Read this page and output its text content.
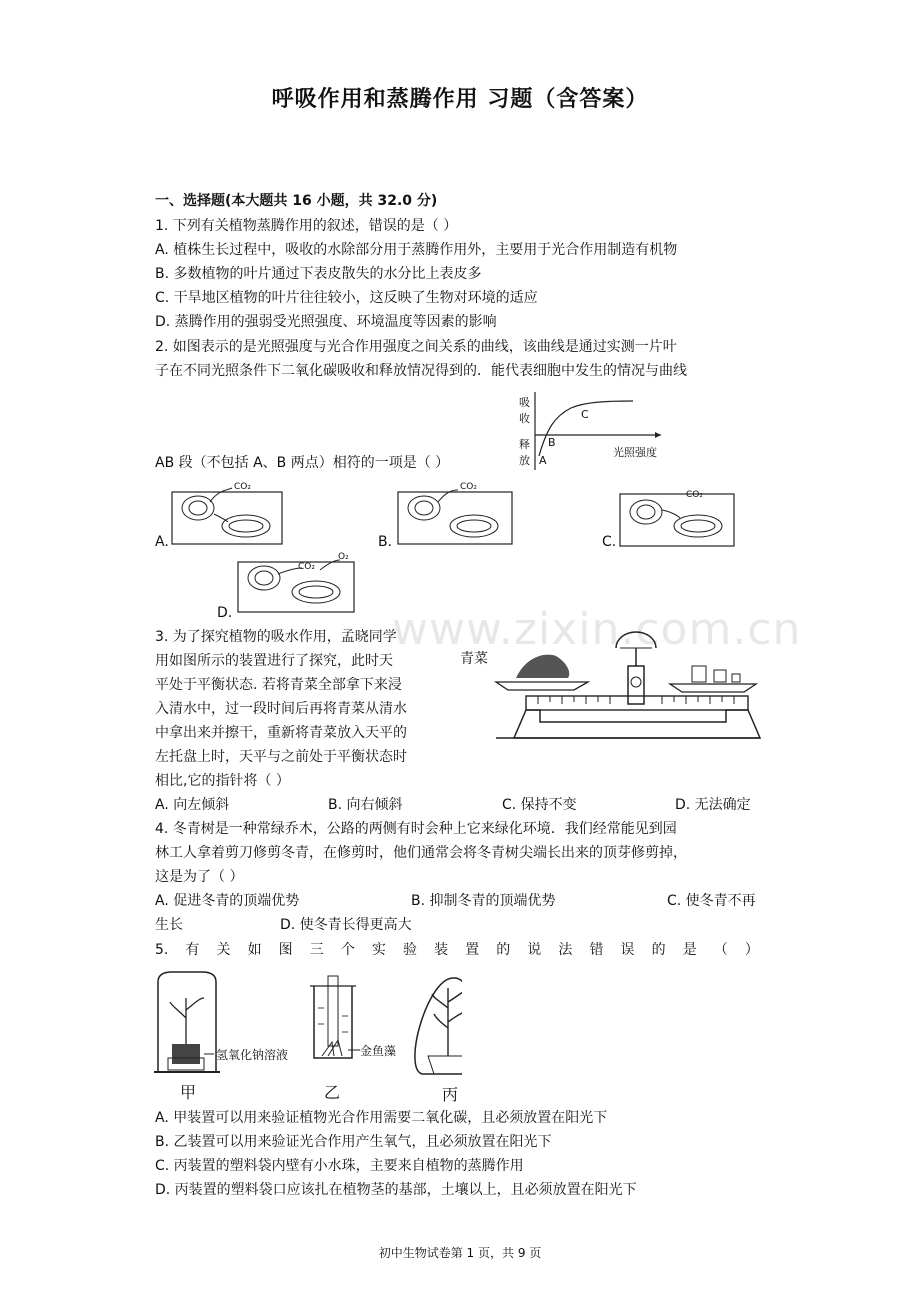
呼吸作用和蒸腾作用 习题（含答案）
一、选择题(本大题共 16 小题，共 32.0 分)
1. 下列有关植物蒸腾作用的叙述，错误的是（ ）
A. 植株生长过程中，吸收的水除部分用于蒸腾作用外，主要用于光合作用制造有机物
B. 多数植物的叶片通过下表皮散失的水分比上表皮多
C. 干旱地区植物的叶片往往较小，这反映了生物对环境的适应
D. 蒸腾作用的强弱受光照强度、环境温度等因素的影响
2. 如图表示的是光照强度与光合作用强度之间关系的曲线，该曲线是通过实测一片叶
子在不同光照条件下二氧化碳吸收和释放情况得到的．能代表细胞中发生的情况与曲线
吸
收
释
放
C
B
A
光照强度
AB 段（不包括 A、B 两点）相符的一项是（ ）
A.
CO₂
B.
CO₂
C.
CO₂
CO₂
O₂
D.	www.zixin.com.cn
3. 为了探究植物的吸水作用，孟晓同学
用如图所示的装置进行了探究，此时天
平处于平衡状态. 若将青菜全部拿下来浸
入清水中，过一段时间后再将青菜从清水
中拿出来并擦干，重新将青菜放入天平的
左托盘上时，天平与之前处于平衡状态时
相比,它的指针将（ ）
青菜
A. 向左倾斜	B. 向右倾斜	C. 保持不变	D. 无法确定
4. 冬青树是一种常绿乔木，公路的两侧有时会种上它来绿化环境．我们经常能见到园
林工人拿着剪刀修剪冬青，在修剪时，他们通常会将冬青树尖端长出来的顶芽修剪掉，
这是为了（ ）
A. 促进冬青的顶端优势	B. 抑制冬青的顶端优势	C. 使冬青不再
生长	D. 使冬青长得更高大
5. 有 关 如 图 三 个 实 验 装 置 的 说 法 错 误 的 是 （ ）
氢氧化钠溶液	金鱼藻
甲	乙	丙
A. 甲装置可以用来验证植物光合作用需要二氧化碳，且必须放置在阳光下
B. 乙装置可以用来验证光合作用产生氧气，且必须放置在阳光下
C. 丙装置的塑料袋内壁有小水珠，主要来自植物的蒸腾作用
D. 丙装置的塑料袋口应该扎在植物茎的基部，土壤以上，且必须放置在阳光下
初中生物试卷第 1 页，共 9 页
